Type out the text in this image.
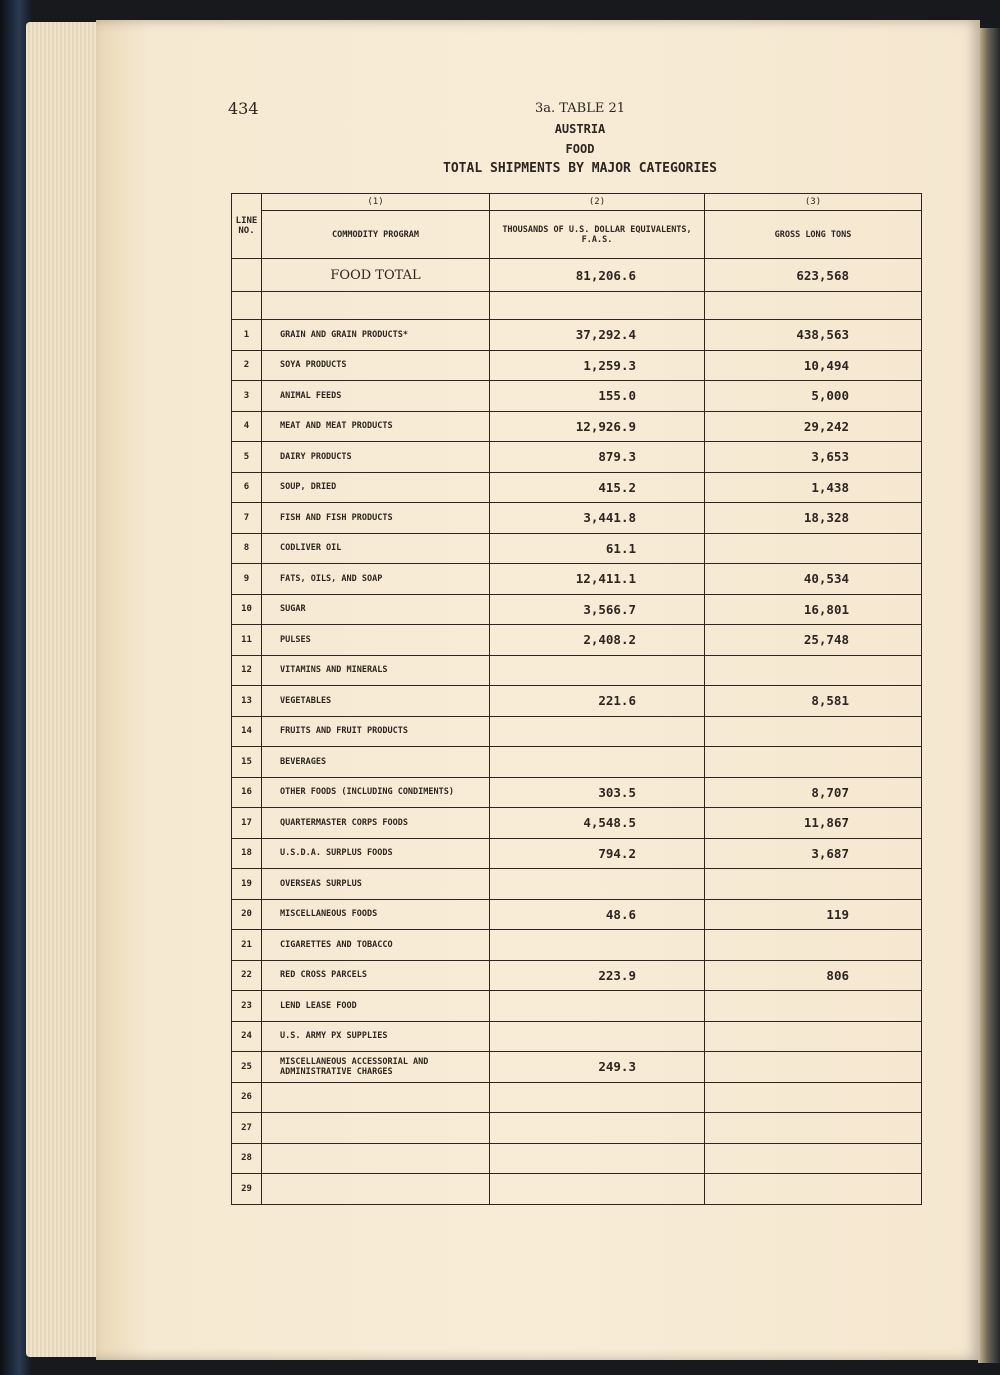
434	3a. TABLE 21
AUSTRIA
FOOD
TOTAL SHIPMENTS BY MAJOR CATEGORIES
LINE NO.	(1)	(2)	(3)
	COMMODITY PROGRAM	THOUSANDS OF U.S. DOLLAR EQUIVALENTS, F.A.S.	GROSS LONG TONS
	FOOD TOTAL	81,206.6	623,568

1	GRAIN AND GRAIN PRODUCTS*	37,292.4	438,563
2	SOYA PRODUCTS	1,259.3	10,494
3	ANIMAL FEEDS	155.0	5,000
4	MEAT AND MEAT PRODUCTS	12,926.9	29,242
5	DAIRY PRODUCTS	879.3	3,653
6	SOUP, DRIED	415.2	1,438
7	FISH AND FISH PRODUCTS	3,441.8	18,328
8	CODLIVER OIL	61.1	
9	FATS, OILS, AND SOAP	12,411.1	40,534
10	SUGAR	3,566.7	16,801
11	PULSES	2,408.2	25,748
12	VITAMINS AND MINERALS		
13	VEGETABLES	221.6	8,581
14	FRUITS AND FRUIT PRODUCTS		
15	BEVERAGES		
16	OTHER FOODS (INCLUDING CONDIMENTS)	303.5	8,707
17	QUARTERMASTER CORPS FOODS	4,548.5	11,867
18	U.S.D.A. SURPLUS FOODS	794.2	3,687
19	OVERSEAS SURPLUS		
20	MISCELLANEOUS FOODS	48.6	119
21	CIGARETTES AND TOBACCO		
22	RED CROSS PARCELS	223.9	806
23	LEND LEASE FOOD		
24	U.S. ARMY PX SUPPLIES		
25	MISCELLANEOUS ACCESSORIAL AND ADMINISTRATIVE CHARGES	249.3	
26			
27			
28			
29			
